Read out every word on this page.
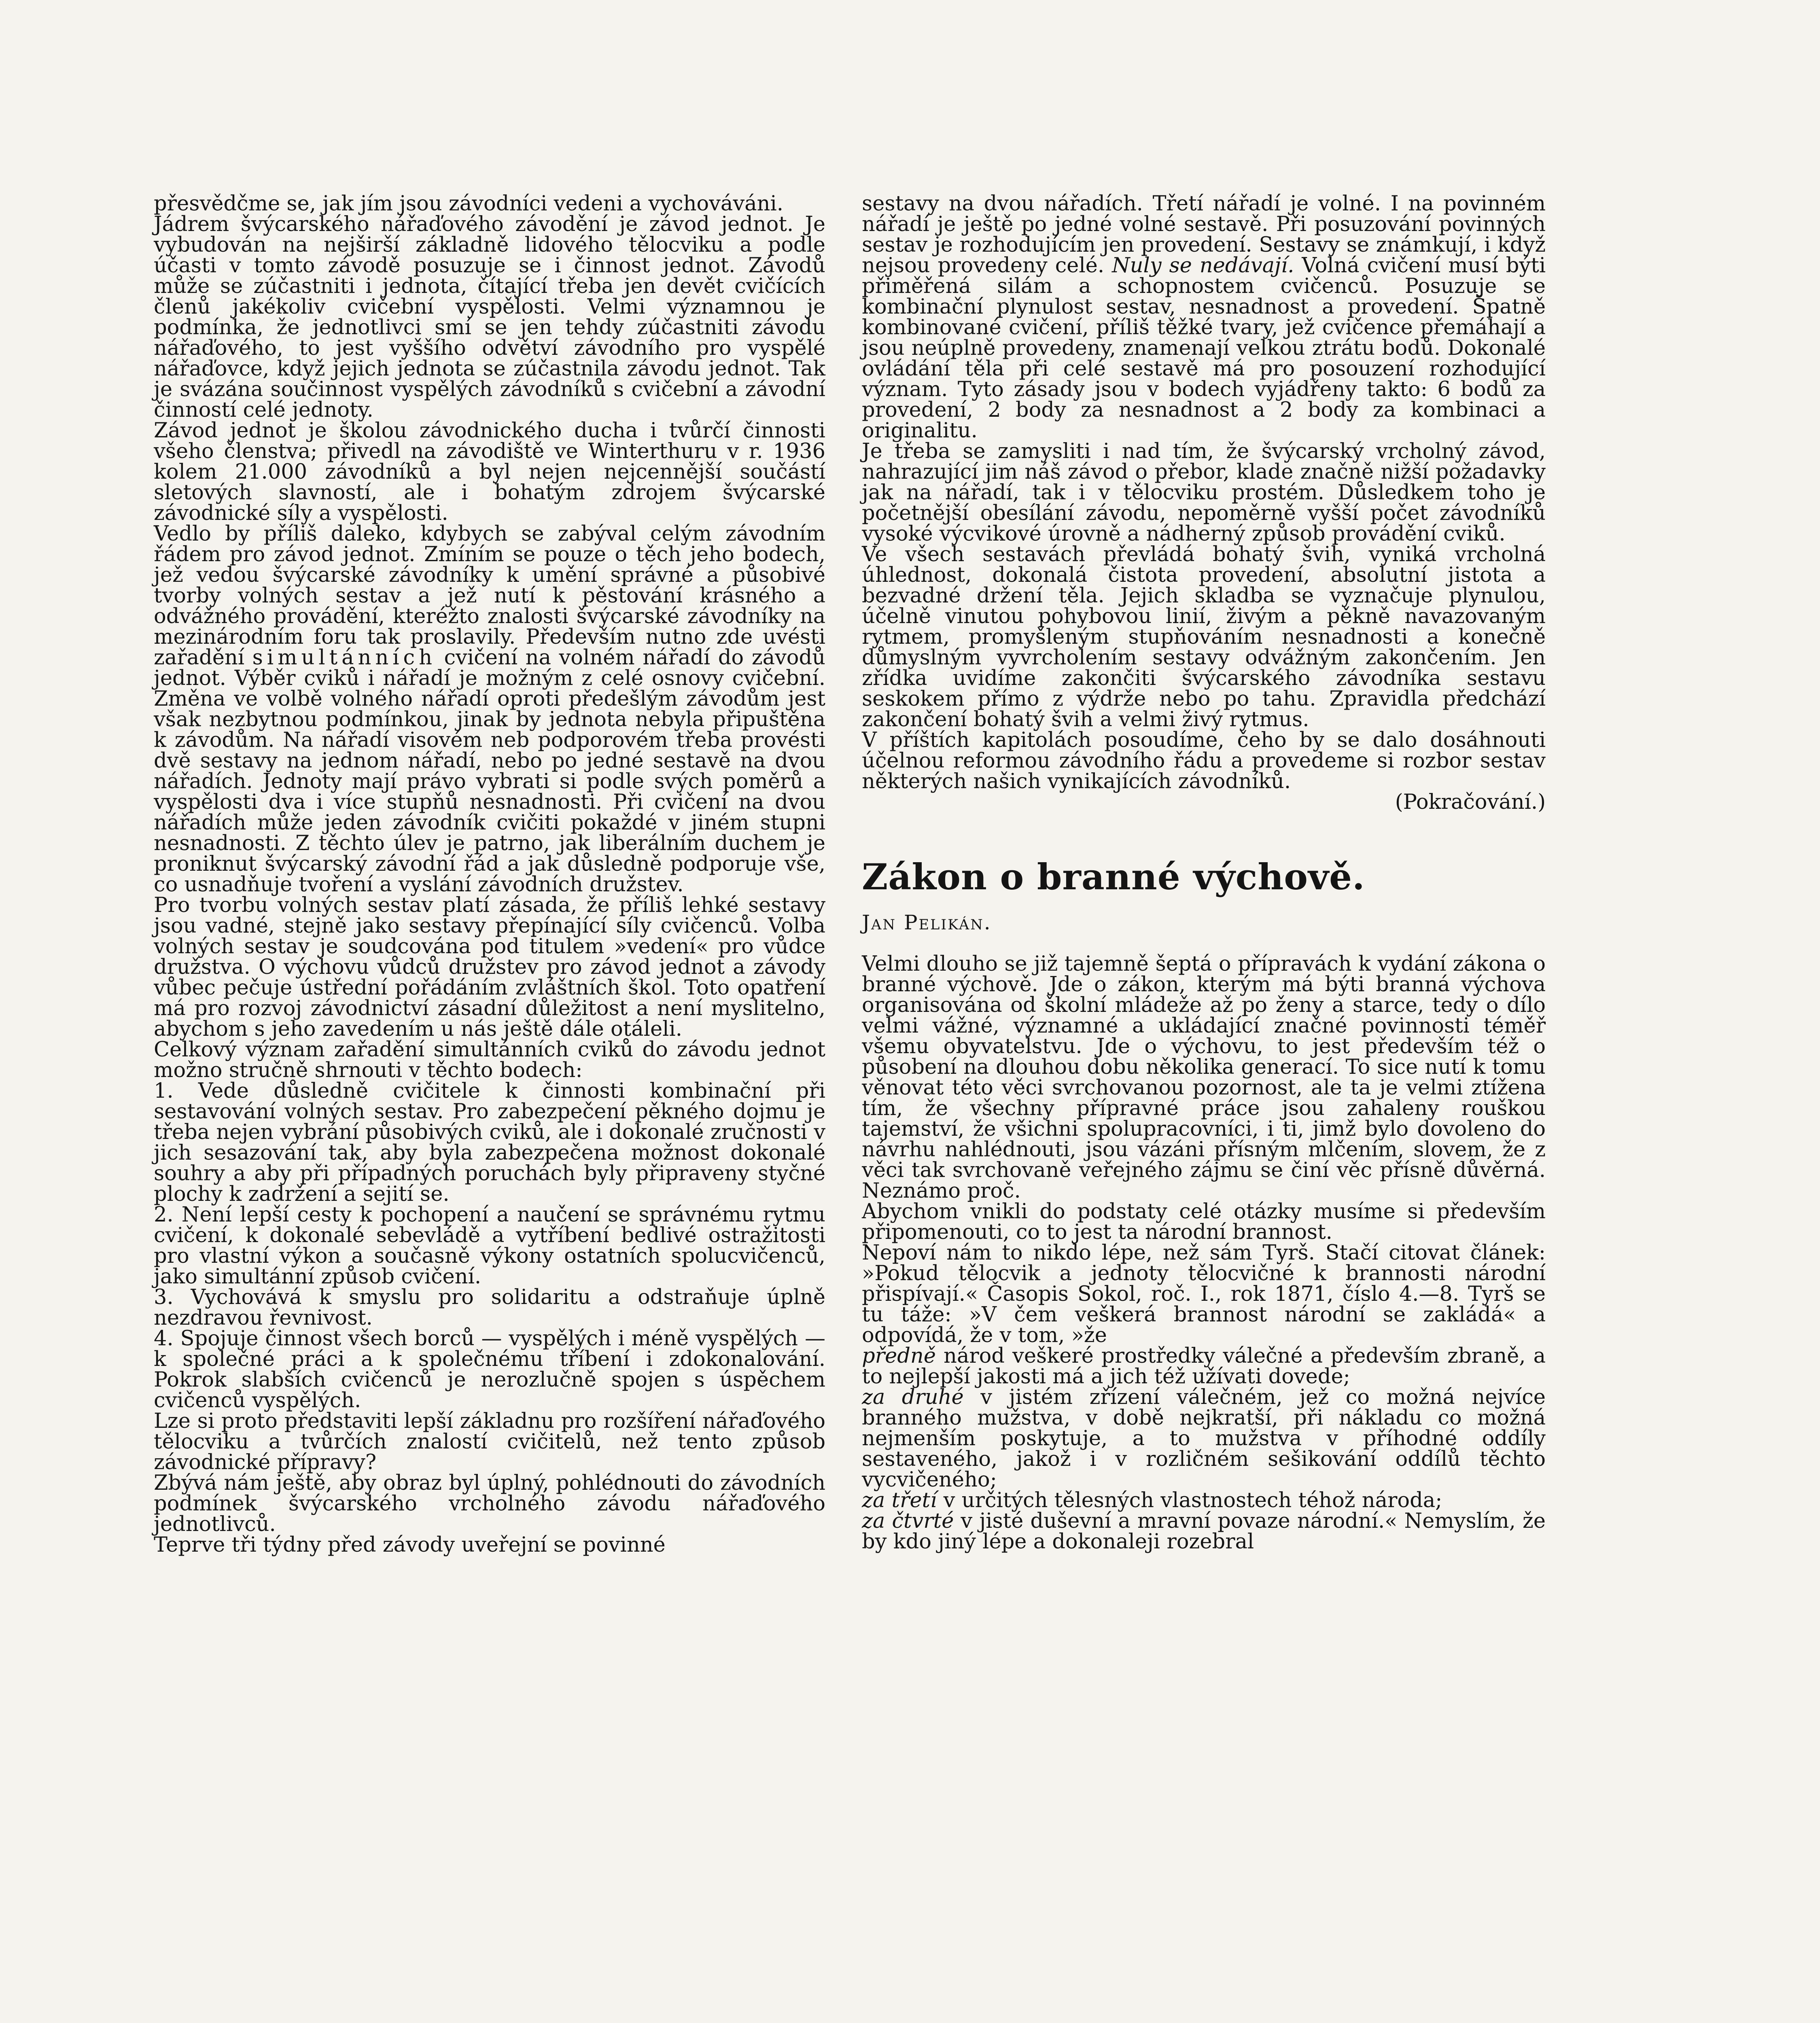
přesvědčme se, jak jím jsou závodníci vedeni a vychováváni.

Jádrem švýcarského nářaďového závodění je závod jednot. Je vybudován na nejširší základně lidového tělocviku a podle účasti v tomto závodě posuzuje se i činnost jednot. Závodů může se zúčastniti i jednota, čítající třeba jen devět cvičících členů jakékoliv cvičební vyspělosti. Velmi významnou je podmínka, že jednotlivci smí se jen tehdy zúčastniti závodu nářaďového, to jest vyššího odvětví závodního pro vyspělé nářaďovce, když jejich jednota se zúčastnila závodu jednot. Tak je svázána součinnost vyspělých závodníků s cvičební a závodní činností celé jednoty.

Závod jednot je školou závodnického ducha i tvůrčí činnosti všeho členstva; přivedl na závodiště ve Winterthuru v r. 1936 kolem 21.000 závodníků a byl nejen nejcennější součástí sletových slavností, ale i bohatým zdrojem švýcarské závodnické síly a vyspělosti.

Vedlo by příliš daleko, kdybych se zabýval celým závodním řádem pro závod jednot. Zmíním se pouze o těch jeho bodech, jež vedou švýcarské závodníky k umění správné a působivé tvorby volných sestav a jež nutí k pěstování krásného a odvážného provádění, kteréžto znalosti švýcarské závodníky na mezinárodním foru tak proslavily. Především nutno zde uvésti zařadění simultánních cvičení na volném nářadí do závodů jednot. Výběr cviků i nářadí je možným z celé osnovy cvičební. Změna ve volbě volného nářadí oproti předešlým závodům jest však nezbytnou podmínkou, jinak by jednota nebyla připuštěna k závodům. Na nářadí visovém neb podporovém třeba provésti dvě sestavy na jednom nářadí, nebo po jedné sestavě na dvou nářadích. Jednoty mají právo vybrati si podle svých poměrů a vyspělosti dva i více stupňů nesnadnosti. Při cvičení na dvou nářadích může jeden závodník cvičiti pokaždé v jiném stupni nesnadnosti. Z těchto úlev je patrno, jak liberálním duchem je proniknut švýcarský závodní řád a jak důsledně podporuje vše, co usnadňuje tvoření a vyslání závodních družstev.

Pro tvorbu volných sestav platí zásada, že příliš lehké sestavy jsou vadné, stejně jako sestavy přepínající síly cvičenců. Volba volných sestav je soudcována pod titulem »vedení« pro vůdce družstva. O výchovu vůdců družstev pro závod jednot a závody vůbec pečuje ústřední pořádáním zvláštních škol. Toto opatření má pro rozvoj závodnictví zásadní důležitost a není myslitelno, abychom s jeho zavedením u nás ještě dále otáleli.

Celkový význam zařadění simultánních cviků do závodu jednot možno stručně shrnouti v těchto bodech:

1. Vede důsledně cvičitele k činnosti kombinační při sestavování volných sestav. Pro zabezpečení pěkného dojmu je třeba nejen vybrání působivých cviků, ale i dokonalé zručnosti v jich sesazování tak, aby byla zabezpečena možnost dokonalé souhry a aby při případných poruchách byly připraveny styčné plochy k zadržení a sejití se.

2. Není lepší cesty k pochopení a naučení se správnému rytmu cvičení, k dokonalé sebevládě a vytříbení bedlivé ostražitosti pro vlastní výkon a současně výkony ostatních spolucvičenců, jako simultánní způsob cvičení.

3. Vychovává k smyslu pro solidaritu a odstraňuje úplně nezdravou řevnivost.

4. Spojuje činnost všech borců — vyspělých i méně vyspělých — k společné práci a k společnému tříbení i zdokonalování. Pokrok slabších cvičenců je nerozlučně spojen s úspěchem cvičenců vyspělých.

Lze si proto představiti lepší základnu pro rozšíření nářaďového tělocviku a tvůrčích znalostí cvičitelů, než tento způsob závodnické přípravy?

Zbývá nám ještě, aby obraz byl úplný, pohlédnouti do závodních podmínek švýcarského vrcholného závodu nářaďového jednotlivců.

Teprve tři týdny před závody uveřejní se povinné

sestavy na dvou nářadích. Třetí nářadí je volné. I na povinném nářadí je ještě po jedné volné sestavě. Při posuzování povinných sestav je rozhodujícím jen provedení. Sestavy se známkují, i když nejsou provedeny celé. Nuly se nedávají. Volná cvičení musí býti přiměřená silám a schopnostem cvičenců. Posuzuje se kombinační plynulost sestav, nesnadnost a provedení. Špatně kombinované cvičení, příliš těžké tvary, jež cvičence přemáhají a jsou neúplně provedeny, znamenají velkou ztrátu bodů. Dokonalé ovládání těla při celé sestavě má pro posouzení rozhodující význam. Tyto zásady jsou v bodech vyjádřeny takto: 6 bodů za provedení, 2 body za nesnadnost a 2 body za kombinaci a originalitu.

Je třeba se zamysliti i nad tím, že švýcarský vrcholný závod, nahrazující jim náš závod o přebor, klade značně nižší požadavky jak na nářadí, tak i v tělocviku prostém. Důsledkem toho je početnější obesílání závodu, nepoměrně vyšší počet závodníků vysoké výcvikové úrovně a nádherný způsob provádění cviků.

Ve všech sestavách převládá bohatý švih, vyniká vrcholná úhlednost, dokonalá čistota provedení, absolutní jistota a bezvadné držení těla. Jejich skladba se vyznačuje plynulou, účelně vinutou pohybovou linií, živým a pěkně navazovaným rytmem, promyšleným stupňováním nesnadnosti a konečně důmyslným vyvrcholením sestavy odvážným zakončením. Jen zřídka uvidíme zakončiti švýcarského závodníka sestavu seskokem přímo z výdrže nebo po tahu. Zpravidla předchází zakončení bohatý švih a velmi živý rytmus.

V příštích kapitolách posoudíme, čeho by se dalo dosáhnouti účelnou reformou závodního řádu a provedeme si rozbor sestav některých našich vynikajících závodníků.

(Pokračování.)

Zákon o branné výchově.
Jan Pelikán.

Velmi dlouho se již tajemně šeptá o přípravách k vydání zákona o branné výchově. Jde o zákon, kterým má býti branná výchova organisována od školní mládeže až po ženy a starce, tedy o dílo velmi vážné, významné a ukládající značné povinnosti téměř všemu obyvatelstvu. Jde o výchovu, to jest především též o působení na dlouhou dobu několika generací. To sice nutí k tomu věnovat této věci svrchovanou pozornost, ale ta je velmi ztížena tím, že všechny přípravné práce jsou zahaleny rouškou tajemství, že všichni spolupracovníci, i ti, jimž bylo dovoleno do návrhu nahlédnouti, jsou vázáni přísným mlčením, slovem, že z věci tak svrchovaně veřejného zájmu se činí věc přísně důvěrná. Neznámo proč.

Abychom vnikli do podstaty celé otázky musíme si především připomenouti, co to jest ta národní brannost.

Nepoví nám to nikdo lépe, než sám Tyrš. Stačí citovat článek: »Pokud tělocvik a jednoty tělocvičné k brannosti národní přispívají.« Časopis Sokol, roč. I., rok 1871, číslo 4.—8. Tyrš se tu táže: »V čem veškerá brannost národní se zakládá« a odpovídá, že v tom, »že

předně národ veškeré prostředky válečné a především zbraně, a to nejlepší jakosti má a jich též užívati dovede;

za druhé v jistém zřízení válečném, jež co možná nejvíce branného mužstva, v době nejkratší, při nákladu co možná nejmenším poskytuje, a to mužstva v příhodné oddíly sestaveného, jakož i v rozličném sešikování oddílů těchto vycvičeného;

za třetí v určitých tělesných vlastnostech téhož národa;

za čtvrté v jisté duševní a mravní povaze národní.« Nemyslím, že by kdo jiný lépe a dokonaleji rozebral
